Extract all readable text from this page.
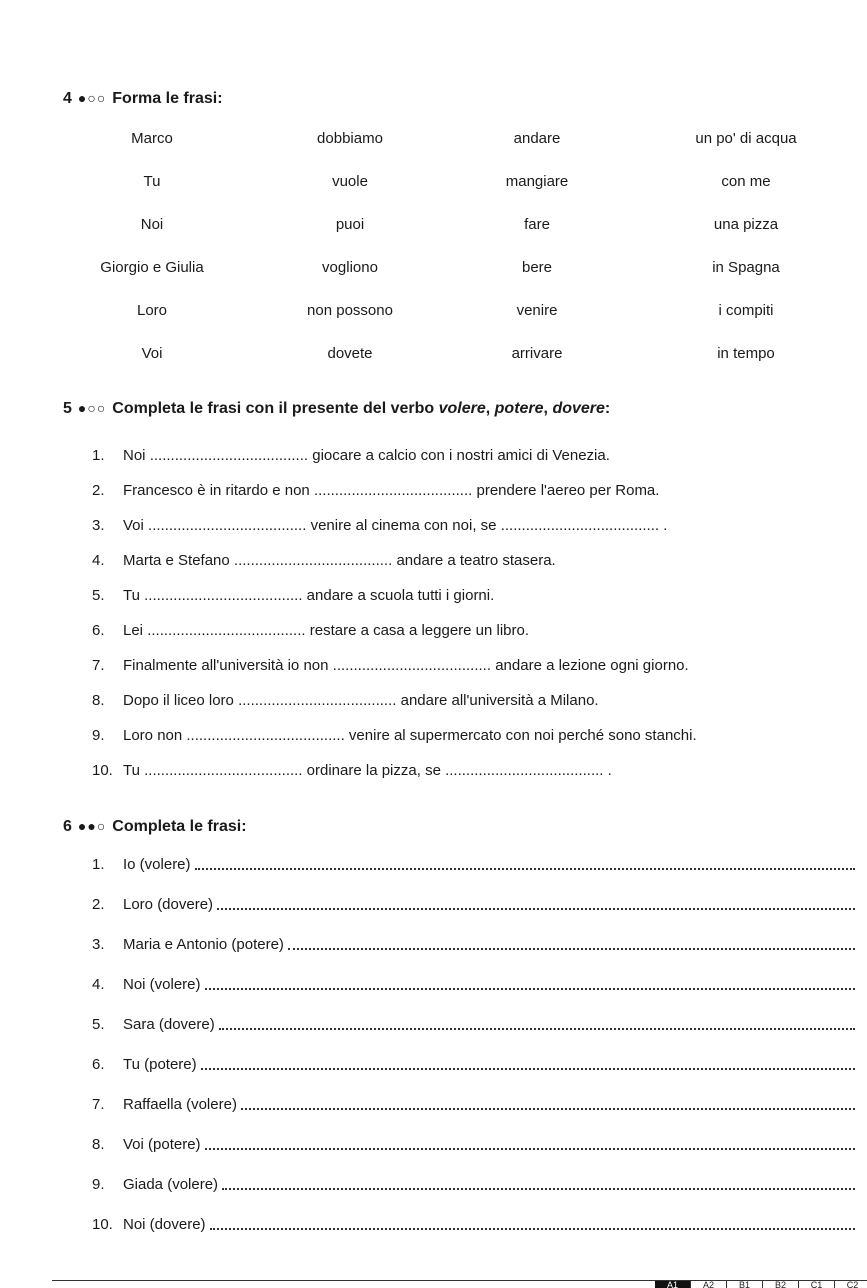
4 ●○○ Forma le frasi:
Marco	dobbiamo	andare	un po' di acqua
Tu	vuole	mangiare	con me
Noi	puoi	fare	una pizza
Giorgio e Giulia	vogliono	bere	in Spagna
Loro	non possono	venire	i compiti
Voi	dovete	arrivare	in tempo
5 ●○○ Completa le frasi con il presente del verbo volere, potere, dovere:
1. Noi ...................................... giocare a calcio con i nostri amici di Venezia.
2. Francesco è in ritardo e non ...................................... prendere l'aereo per Roma.
3. Voi ...................................... venire al cinema con noi, se ...................................... .
4. Marta e Stefano ...................................... andare a teatro stasera.
5. Tu ...................................... andare a scuola tutti i giorni.
6. Lei ...................................... restare a casa a leggere un libro.
7. Finalmente all'università io non ...................................... andare a lezione ogni giorno.
8. Dopo il liceo loro ...................................... andare all'università a Milano.
9. Loro non ...................................... venire al supermercato con noi perché sono stanchi.
10. Tu ...................................... ordinare la pizza, se ...................................... .
6 ●●○ Completa le frasi:
1. Io (volere)
2. Loro (dovere)
3. Maria e Antonio (potere)
4. Noi (volere)
5. Sara (dovere)
6. Tu (potere)
7. Raffaella (volere)
8. Voi (potere)
9. Giada (volere)
10. Noi (dovere)
A1	A2	B1	B2	C1	C2
